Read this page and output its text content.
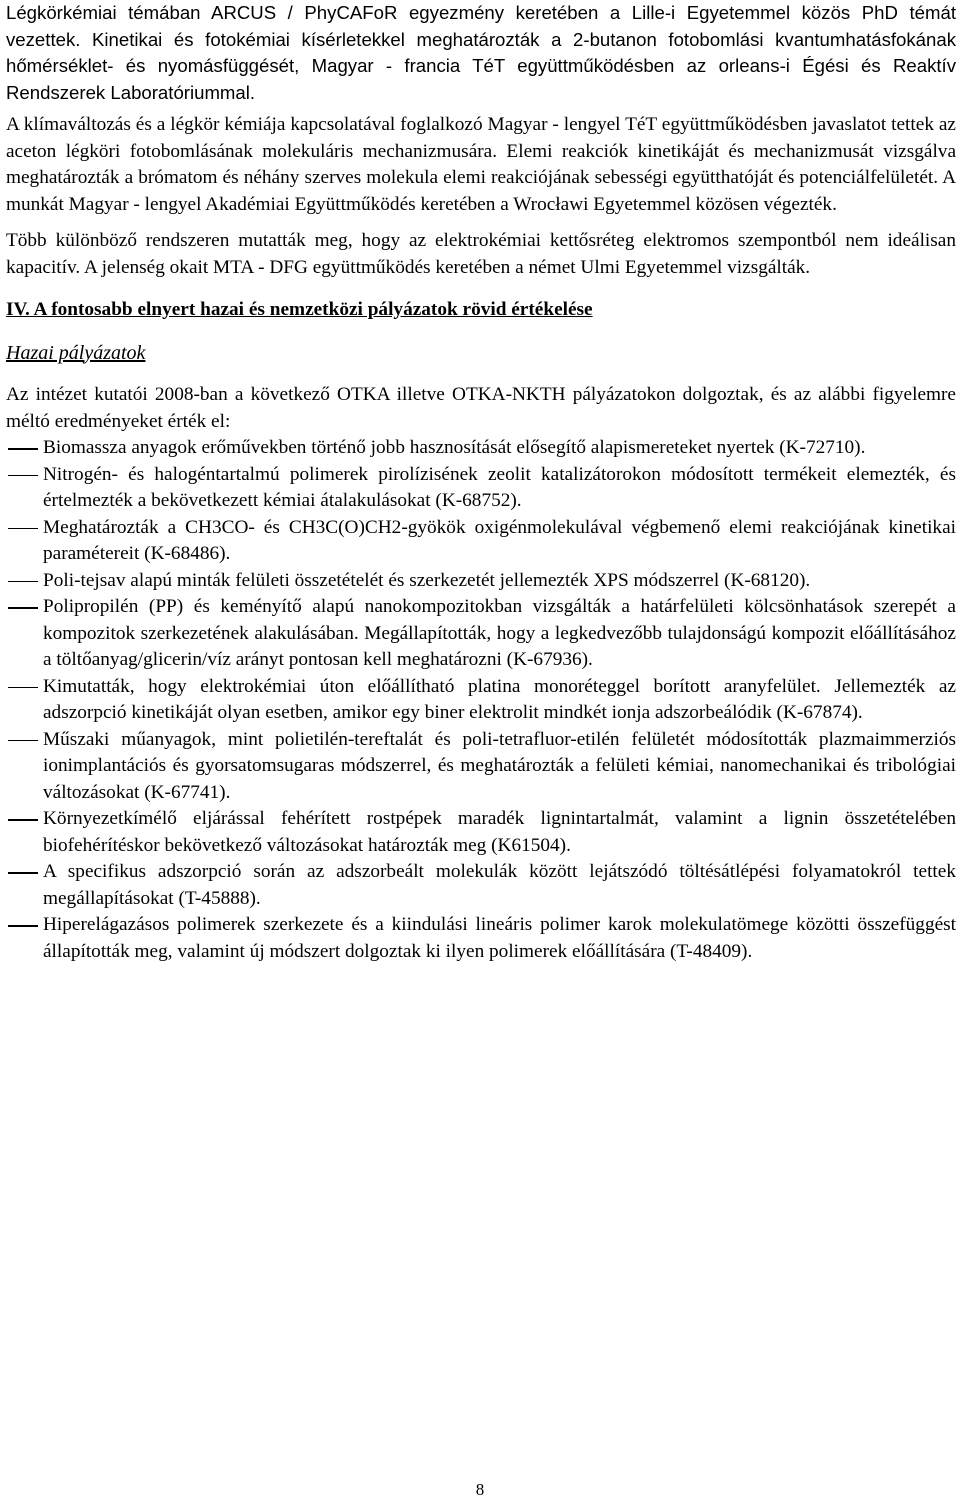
Légkörkémiai témában ARCUS / PhyCAFoR egyezmény keretében a Lille-i Egyetemmel közös PhD témát vezettek. Kinetikai és fotokémiai kísérletekkel meghatározták a 2-butanon fotobomlási kvantumhatásfokának hőmérséklet- és nyomásfüggését, Magyar - francia TéT együttműködésben az orleans-i Égési és Reaktív Rendszerek Laboratóriummal.

A klímaváltozás és a légkör kémiája kapcsolatával foglalkozó Magyar - lengyel TéT együttműködésben javaslatot tettek az aceton légköri fotobomlásának molekuláris mechanizmusára. Elemi reakciók kinetikáját és mechanizmusát vizsgálva meghatározták a brómatom és néhány szerves molekula elemi reakciójának sebességi együtthatóját és potenciálfelületét. A munkát Magyar - lengyel Akadémiai Együttműködés keretében a Wrocławi Egyetemmel közösen végezték.

Több különböző rendszeren mutatták meg, hogy az elektrokémiai kettősréteg elektromos szempontból nem ideálisan kapacitív. A jelenség okait MTA - DFG együttműködés keretében a német Ulmi Egyetemmel vizsgálták.

IV. A fontosabb elnyert hazai és nemzetközi pályázatok rövid értékelése

Hazai pályázatok

Az intézet kutatói 2008-ban a következő OTKA illetve OTKA-NKTH pályázatokon dolgoztak, és az alábbi figyelemre méltó eredményeket érték el:

Biomassza anyagok erőművekben történő jobb hasznosítását elősegítő alapismereteket nyertek (K-72710).
Nitrogén- és halogéntartalmú polimerek pirolízisének zeolit katalizátorokon módosított termékeit elemezték, és értelmezték a bekövetkezett kémiai átalakulásokat (K-68752).
Meghatározták a CH3CO- és CH3C(O)CH2-gyökök oxigénmolekulával végbemenő elemi reakciójának kinetikai paramétereit (K-68486).
Poli-tejsav alapú minták felületi összetételét és szerkezetét jellemezték XPS módszerrel (K-68120).
Polipropilén (PP) és keményítő alapú nanokompozitokban vizsgálták a határfelületi kölcsönhatások szerepét a kompozitok szerkezetének alakulásában. Megállapították, hogy a legkedvezőbb tulajdonságú kompozit előállításához a töltőanyag/glicerin/víz arányt pontosan kell meghatározni (K-67936).
Kimutatták, hogy elektrokémiai úton előállítható platina monoréteggel borított aranyfelület. Jellemezték az adszorpció kinetikáját olyan esetben, amikor egy biner elektrolit mindkét ionja adszorbeálódik (K-67874).
Műszaki műanyagok, mint polietilén-tereftalát és poli-tetrafluor-etilén felületét módosították plazmaimmerziós ionimplantációs és gyorsatomsugaras módszerrel, és meghatározták a felületi kémiai, nanomechanikai és tribológiai változásokat (K-67741).
Környezetkímélő eljárással fehérített rostpépek maradék lignintartalmát, valamint a lignin összetételében biofehérítéskor bekövetkező változásokat határozták meg (K61504).
A specifikus adszorpció során az adszorbeált molekulák között lejátszódó töltésátlépési folyamatokról tettek megállapításokat (T-45888).
Hiperelágazásos polimerek szerkezete és a kiindulási lineáris polimer karok molekulatömege közötti összefüggést állapították meg, valamint új módszert dolgoztak ki ilyen polimerek előállítására (T-48409).
8
